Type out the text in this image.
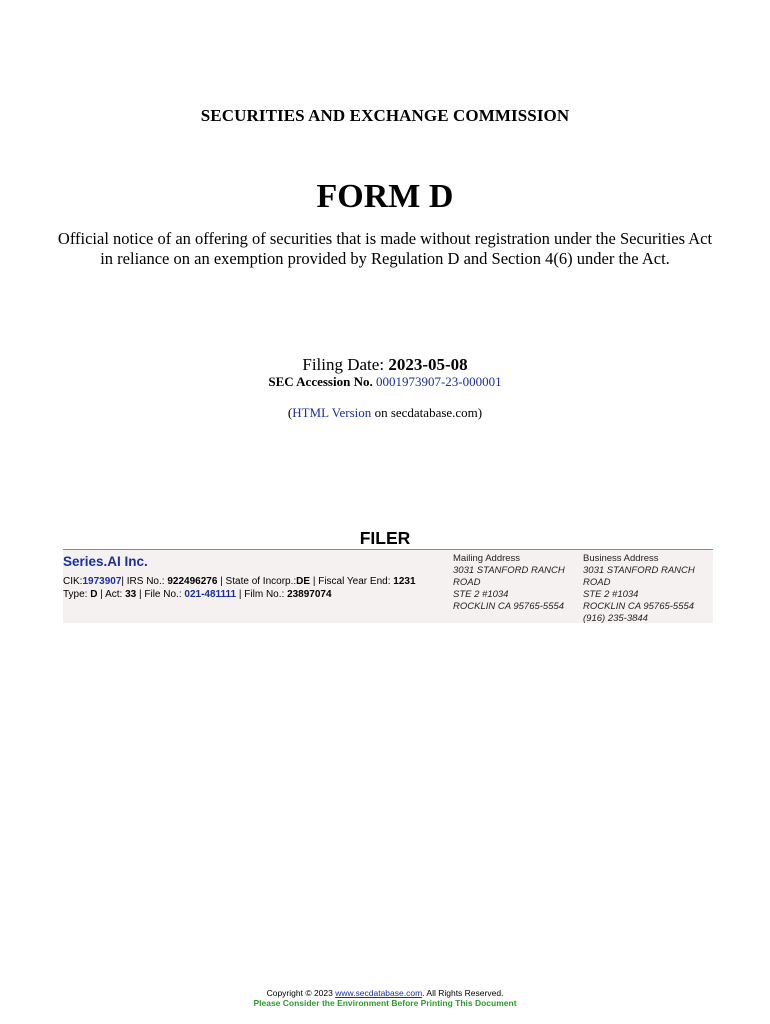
SECURITIES AND EXCHANGE COMMISSION
FORM D
Official notice of an offering of securities that is made without registration under the Securities Act in reliance on an exemption provided by Regulation D and Section 4(6) under the Act.
Filing Date: 2023-05-08
SEC Accession No. 0001973907-23-000001
(HTML Version on secdatabase.com)
FILER
Series.AI Inc.
CIK:1973907| IRS No.: 922496276 | State of Incorp.:DE | Fiscal Year End: 1231
Type: D | Act: 33 | File No.: 021-481111 | Film No.: 23897074
Mailing Address
3031 STANFORD RANCH
ROAD
STE 2 #1034
ROCKLIN CA 95765-5554
Business Address
3031 STANFORD RANCH
ROAD
STE 2 #1034
ROCKLIN CA 95765-5554
(916) 235-3844
Copyright © 2023 www.secdatabase.com. All Rights Reserved.
Please Consider the Environment Before Printing This Document
